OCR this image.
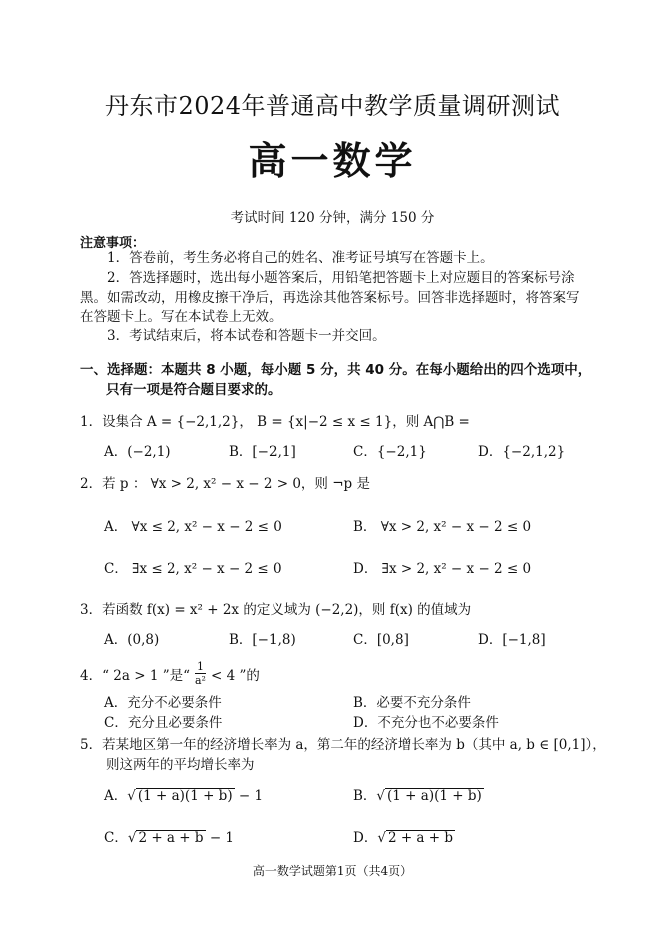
丹东市2024年普通高中教学质量调研测试
高一数学
考试时间 120 分钟，满分 150 分
注意事项：
1．答卷前，考生务必将自己的姓名、准考证号填写在答题卡上。
2．答选择题时，选出每小题答案后，用铅笔把答题卡上对应题目的答案标号涂黑。如需改动，用橡皮擦干净后，再选涂其他答案标号。回答非选择题时，将答案写在答题卡上。写在本试卷上无效。
3．考试结束后，将本试卷和答题卡一并交回。
一、选择题：本题共 8 小题，每小题 5 分，共 40 分。在每小题给出的四个选项中，
只有一项是符合题目要求的。
1．设集合 A = {−2,1,2}， B = {x|−2 ≤ x ≤ 1}，则 A⋂B =
A．(−2,1)	B．[−2,1]	C．{−2,1}	D．{−2,1,2}
2．若 p ： ∀x > 2, x² − x − 2 > 0，则 ¬p 是
A． ∀x ≤ 2, x² − x − 2 ≤ 0	B． ∀x > 2, x² − x − 2 ≤ 0
C． ∃x ≤ 2, x² − x − 2 ≤ 0	D． ∃x > 2, x² − x − 2 ≤ 0
3．若函数 f(x) = x² + 2x 的定义域为 (−2,2)，则 f(x) 的值域为
A．(0,8)	B．[−1,8)	C．[0,8]	D．[−1,8]
4．“ 2a > 1 ”是“ $\frac{1}{\text{a²}} < 4$ ”的
A．充分不必要条件	B．必要不充分条件
C．充分且必要条件	D．不充分也不必要条件
5．若某地区第一年的经济增长率为 a，第二年的经济增长率为 b（其中 a, b ∈ [0,1]），
则这两年的平均增长率为
A．√ (1 + a)(1 + b) − 1	B．√ (1 + a)(1 + b)
C．√ 2 + a + b − 1	D．√ 2 + a + b
高一数学试题第1页（共4页）
